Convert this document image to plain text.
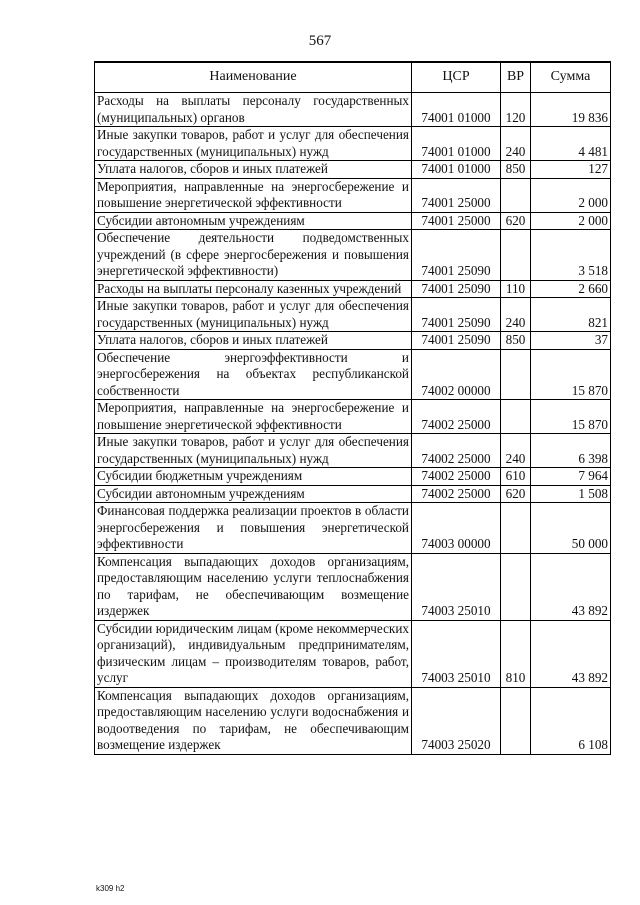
567
Наименование	ЦСР	ВР	Сумма
Расходы на выплаты персоналу государственных (муниципальных) органов	74001 01000	120	19 836
Иные закупки товаров, работ и услуг для обеспечения государственных (муниципальных) нужд	74001 01000	240	4 481
Уплата налогов, сборов и иных платежей	74001 01000	850	127
Мероприятия, направленные на энергосбережение и повышение энергетической эффективности	74001 25000		2 000
Субсидии автономным учреждениям	74001 25000	620	2 000
Обеспечение деятельности подведомственных учреждений (в сфере энергосбережения и повышения энергетической эффективности)	74001 25090		3 518
Расходы на выплаты персоналу казенных учреждений	74001 25090	110	2 660
Иные закупки товаров, работ и услуг для обеспечения государственных (муниципальных) нужд	74001 25090	240	821
Уплата налогов, сборов и иных платежей	74001 25090	850	37
Обеспечение энергоэффективности и энергосбережения на объектах республиканской собственности	74002 00000		15 870
Мероприятия, направленные на энергосбережение и повышение энергетической эффективности	74002 25000		15 870
Иные закупки товаров, работ и услуг для обеспечения государственных (муниципальных) нужд	74002 25000	240	6 398
Субсидии бюджетным учреждениям	74002 25000	610	7 964
Субсидии автономным учреждениям	74002 25000	620	1 508
Финансовая поддержка реализации проектов в области энергосбережения и повышения энергетической эффективности	74003 00000		50 000
Компенсация выпадающих доходов организациям, предоставляющим населению услуги теплоснабжения по тарифам, не обеспечивающим возмещение издержек	74003 25010		43 892
Субсидии юридическим лицам (кроме некоммерческих организаций), индивидуальным предпринимателям, физическим лицам – производителям товаров, работ, услуг	74003 25010	810	43 892
Компенсация выпадающих доходов организациям, предоставляющим населению услуги водоснабжения и водоотведения по тарифам, не обеспечивающим возмещение издержек	74003 25020		6 108
k309 h2
